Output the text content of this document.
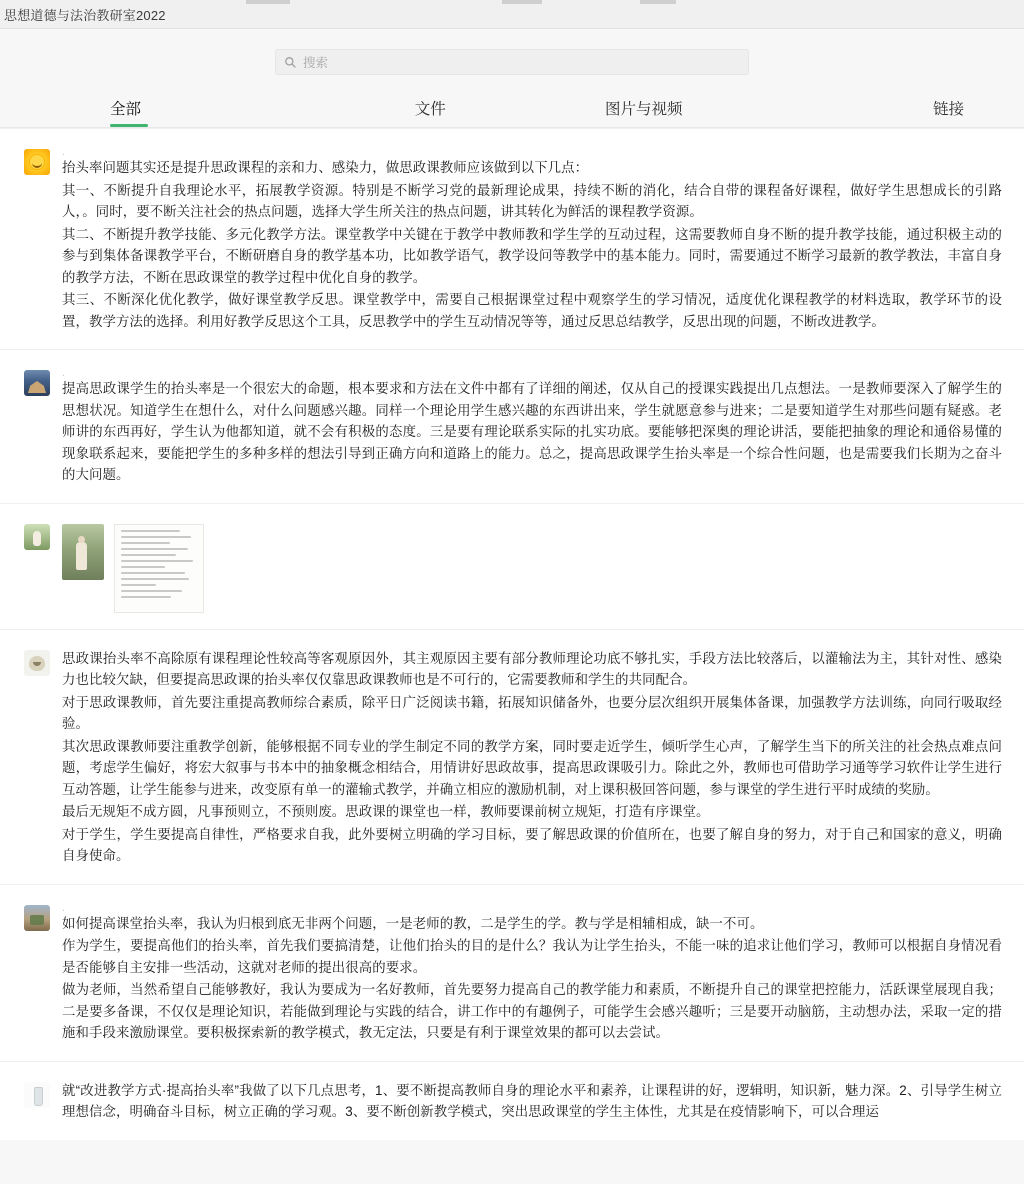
思想道德与法治教研室2022
搜索
全部	文件	图片与视频	链接
.

抬头率问题其实还是提升思政课程的亲和力、感染力，做思政课教师应该做到以下几点：

其一、不断提升自我理论水平，拓展教学资源。特别是不断学习党的最新理论成果，持续不断的消化，结合自带的课程备好课程，做好学生思想成长的引路人，。同时，要不断关注社会的热点问题，选择大学生所关注的热点问题，讲其转化为鲜活的课程教学资源。

其二、不断提升教学技能、多元化教学方法。课堂教学中关键在于教学中教师教和学生学的互动过程，这需要教师自身不断的提升教学技能，通过积极主动的参与到集体备课教学平台，不断研磨自身的教学基本功，比如教学语气，教学设问等教学中的基本能力。同时，需要通过不断学习最新的教学教法，丰富自身的教学方法，不断在思政课堂的教学过程中优化自身的教学。

其三、不断深化优化教学，做好课堂教学反思。课堂教学中，需要自己根据课堂过程中观察学生的学习情况，适度优化课程教学的材料选取，教学环节的设置，教学方法的选择。利用好教学反思这个工具，反思教学中的学生互动情况等等，通过反思总结教学，反思出现的问题，不断改进教学。

.

提高思政课学生的抬头率是一个很宏大的命题，根本要求和方法在文件中都有了详细的阐述，仅从自己的授课实践提出几点想法。一是教师要深入了解学生的思想状况。知道学生在想什么，对什么问题感兴趣。同样一个理论用学生感兴趣的东西讲出来，学生就愿意参与进来；二是要知道学生对那些问题有疑惑。老师讲的东西再好，学生认为他都知道，就不会有积极的态度。三是要有理论联系实际的扎实功底。要能够把深奥的理论讲活，要能把抽象的理论和通俗易懂的现象联系起来，要能把学生的多种多样的想法引导到正确方向和道路上的能力。总之，提高思政课学生抬头率是一个综合性问题，也是需要我们长期为之奋斗的大问题。

思政课抬头率不高除原有课程理论性较高等客观原因外，其主观原因主要有部分教师理论功底不够扎实，手段方法比较落后，以灌输法为主，其针对性、感染力也比较欠缺，但要提高思政课的抬头率仅仅靠思政课教师也是不可行的，它需要教师和学生的共同配合。

对于思政课教师，首先要注重提高教师综合素质，除平日广泛阅读书籍，拓展知识储备外，也要分层次组织开展集体备课，加强教学方法训练，向同行吸取经验。

其次思政课教师要注重教学创新，能够根据不同专业的学生制定不同的教学方案，同时要走近学生，倾听学生心声，了解学生当下的所关注的社会热点难点问题，考虑学生偏好，将宏大叙事与书本中的抽象概念相结合，用情讲好思政故事，提高思政课吸引力。除此之外，教师也可借助学习通等学习软件让学生进行互动答题，让学生能参与进来，改变原有单一的灌输式教学，并确立相应的激励机制，对上课积极回答问题，参与课堂的学生进行平时成绩的奖励。

最后无规矩不成方圆，凡事预则立，不预则废。思政课的课堂也一样，教师要课前树立规矩，打造有序课堂。

对于学生，学生要提高自律性，严格要求自我，此外要树立明确的学习目标，要了解思政课的价值所在，也要了解自身的努力，对于自己和国家的意义，明确自身使命。

.

如何提高课堂抬头率，我认为归根到底无非两个问题，一是老师的教，二是学生的学。教与学是相辅相成，缺一不可。

作为学生，要提高他们的抬头率，首先我们要搞清楚，让他们抬头的目的是什么？我认为让学生抬头，不能一味的追求让他们学习，教师可以根据自身情况看是否能够自主安排一些活动，这就对老师的提出很高的要求。

做为老师，当然希望自己能够教好，我认为要成为一名好教师，首先要努力提高自己的教学能力和素质，不断提升自己的课堂把控能力，活跃课堂展现自我；二是要多备课，不仅仅是理论知识，若能做到理论与实践的结合，讲工作中的有趣例子，可能学生会感兴趣听；三是要开动脑筋，主动想办法，采取一定的措施和手段来激励课堂。要积极探索新的教学模式，教无定法，只要是有利于课堂效果的都可以去尝试。

就“改进教学方式·提高抬头率”我做了以下几点思考，1、要不断提高教师自身的理论水平和素养，让课程讲的好，逻辑明，知识新，魅力深。2、引导学生树立理想信念，明确奋斗目标，树立正确的学习观。3、要不断创新教学模式，突出思政课堂的学生主体性，尤其是在疫情影响下，可以合理运
